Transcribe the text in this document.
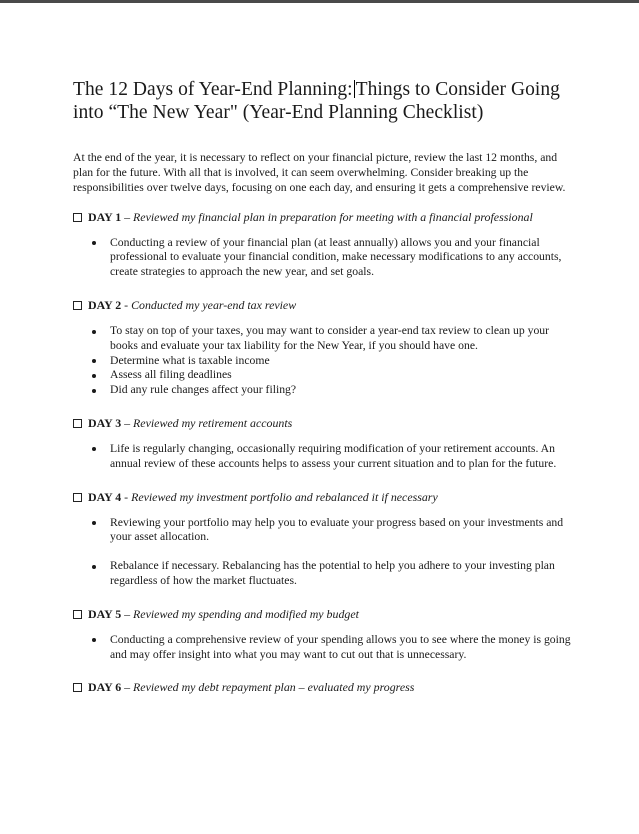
The 12 Days of Year-End Planning: Things to Consider Going into “The New Year" (Year-End Planning Checklist)

At the end of the year, it is necessary to reflect on your financial picture, review the last 12 months, and plan for the future. With all that is involved, it can seem overwhelming. Consider breaking up the responsibilities over twelve days, focusing on one each day, and ensuring it gets a comprehensive review.

DAY 1 – Reviewed my financial plan in preparation for meeting with a financial professional
Conducting a review of your financial plan (at least annually) allows you and your financial professional to evaluate your financial condition, make necessary modifications to any accounts, create strategies to approach the new year, and set goals.
DAY 2 - Conducted my year-end tax review
To stay on top of your taxes, you may want to consider a year-end tax review to clean up your books and evaluate your tax liability for the New Year, if you should have one.
Determine what is taxable income
Assess all filing deadlines
Did any rule changes affect your filing?
DAY 3 – Reviewed my retirement accounts
Life is regularly changing, occasionally requiring modification of your retirement accounts. An annual review of these accounts helps to assess your current situation and to plan for the future.
DAY 4 - Reviewed my investment portfolio and rebalanced it if necessary
Reviewing your portfolio may help you to evaluate your progress based on your investments and your asset allocation.
Rebalance if necessary. Rebalancing has the potential to help you adhere to your investing plan regardless of how the market fluctuates.
DAY 5 – Reviewed my spending and modified my budget
Conducting a comprehensive review of your spending allows you to see where the money is going and may offer insight into what you may want to cut out that is unnecessary.
DAY 6 – Reviewed my debt repayment plan – evaluated my progress
